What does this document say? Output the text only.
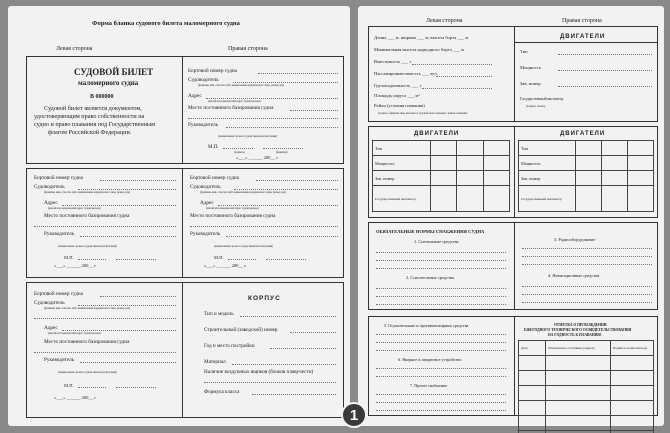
Форма бланка судового билета маломерного судна
Левая сторона	Правая сторона
СУДОВОЙ БИЛЕТ
маломерного судна
В 000000
Судовой билет является документом,
удостоверяющим право собственности на
судно и право плавания под Государственным
флагом Российской Федерации.
Бортовой номер судна
Судоводитель
(фамилия, имя, отчество либо наименование юридического лица, (номер для)
Адрес
(жилой или юридический адрес судовладельца)
Место постоянного базирования судна
Руководитель
(наименование органа государственной регистрации)
М.П.
(подпись)	(фамилия)
«___» ______ 200__ г.
Бортовой номер судна
Судоводитель
(фамилия, имя, отчество либо наименование юридического лица, (номер для)
Адрес
(жилой или юридический адрес судовладельца)
Место постоянного базирования судна
Руководитель
(наименование органа государственной регистрации)
М.П.
«___» ______ 200__ г.
Бортовой номер судна
Судоводитель
(фамилия, имя, отчество либо наименование юридического лица, (номер для)
Адрес
(жилой или юридический адрес судовладельца)
Место постоянного базирования судна
Руководитель
(наименование органа государственной регистрации)
М.П.
«___» ______ 200__ г.
Бортовой номер судна
Судоводитель
(фамилия, имя, отчество либо наименование юридического лица, (номер для)
Адрес
(жилой или юридический адрес судовладельца)
Место постоянного базирования судна
Руководитель
(наименование органа государственной регистрации)
М.П.
«___» ______ 200__ г.
КОРПУС
Тип и модель
Строительный (заводской) номер
Год и место постройки
Материал
Наличие воздушных ящиков (блоков плавучести)
Формула класса
Левая сторона	Правая сторона
Длина ___ м, ширина ___ м, высота борта ___ м
Минимальная высота надводного борта ___ м
Вместимость ___ т
Пассажировместимость ___ чел.
Грузоподъемность ___ т
Площадь паруса ___ м²
Район (условия плавания)
(подпись, фамилия лица, внесшего в судовой билет сведения о районе плавания)
ДВИГАТЕЛИ
Тип
Мощность
Зав. номер
Государственный инспектор
(подпись, печать)
ДВИГАТЕЛИ	ДВИГАТЕЛИ
Тип			
Мощность			
Зав. номер			
Государственный инспектор			
Тип			
Мощность			
Зав. номер			
Государственный инспектор			
ОБЯЗАТЕЛЬНЫЕ НОРМЫ СНАБЖЕНИЯ СУДНА
1. Сигнальные средства
2. Спасательные средства
3. Радиооборудование
4. Навигационные средства
5. Осушительные и противопожарные средства
6. Якорное и швартовое устройство
7. Прочее снабжение
ОТМЕТКА О ПРОХОЖДЕНИИ
ЕЖЕГОДНОГО ТЕХНИЧЕСКОГО ОСВИДЕТЕЛЬСТВОВАНИЯ
НА ГОДНОСТЬ К ПЛАВАНИЮ
Дата	Техническое состояние (годное)	Подпись госинспектора

1
